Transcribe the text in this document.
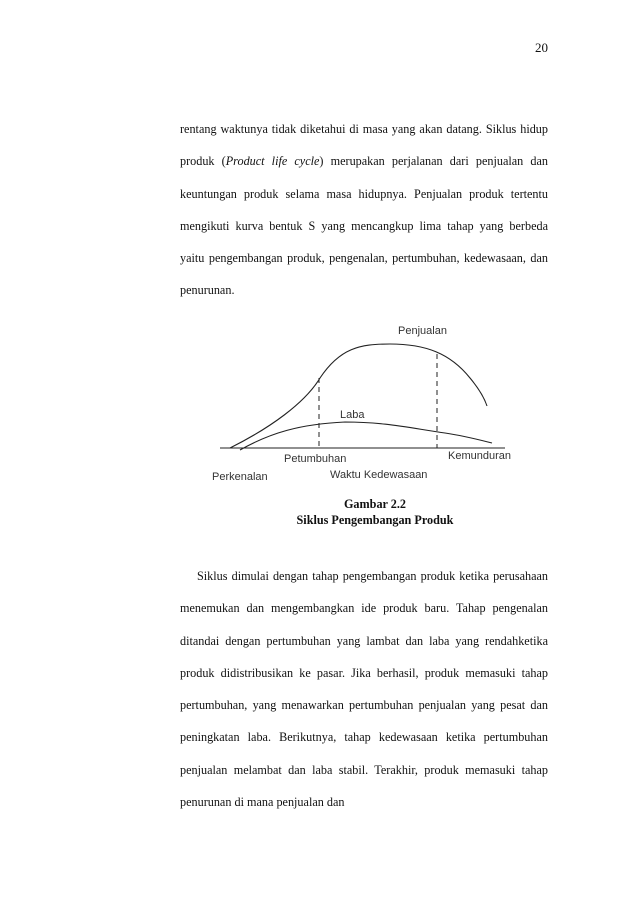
20

rentang waktunya tidak diketahui di masa yang akan datang. Siklus hidup produk (Product life cycle) merupakan perjalanan dari penjualan dan keuntungan produk selama masa hidupnya. Penjualan produk tertentu mengikuti kurva bentuk S yang mencangkup lima tahap yang berbeda yaitu pengembangan produk, pengenalan, pertumbuhan, kedewasaan, dan penurunan.

Penjualan
Laba
Petumbuhan	Kemunduran
Perkenalan	Waktu Kedewasaan
Gambar 2.2
Siklus Pengembangan Produk

Siklus dimulai dengan tahap pengembangan produk ketika perusahaan menemukan dan mengembangkan ide produk baru. Tahap pengenalan ditandai dengan pertumbuhan yang lambat dan laba yang rendahketika produk didistribusikan ke pasar. Jika berhasil, produk memasuki tahap pertumbuhan, yang menawarkan pertumbuhan penjualan yang pesat dan peningkatan laba. Berikutnya, tahap kedewasaan ketika pertumbuhan penjualan melambat dan laba stabil. Terakhir, produk memasuki tahap penurunan di mana penjualan dan
